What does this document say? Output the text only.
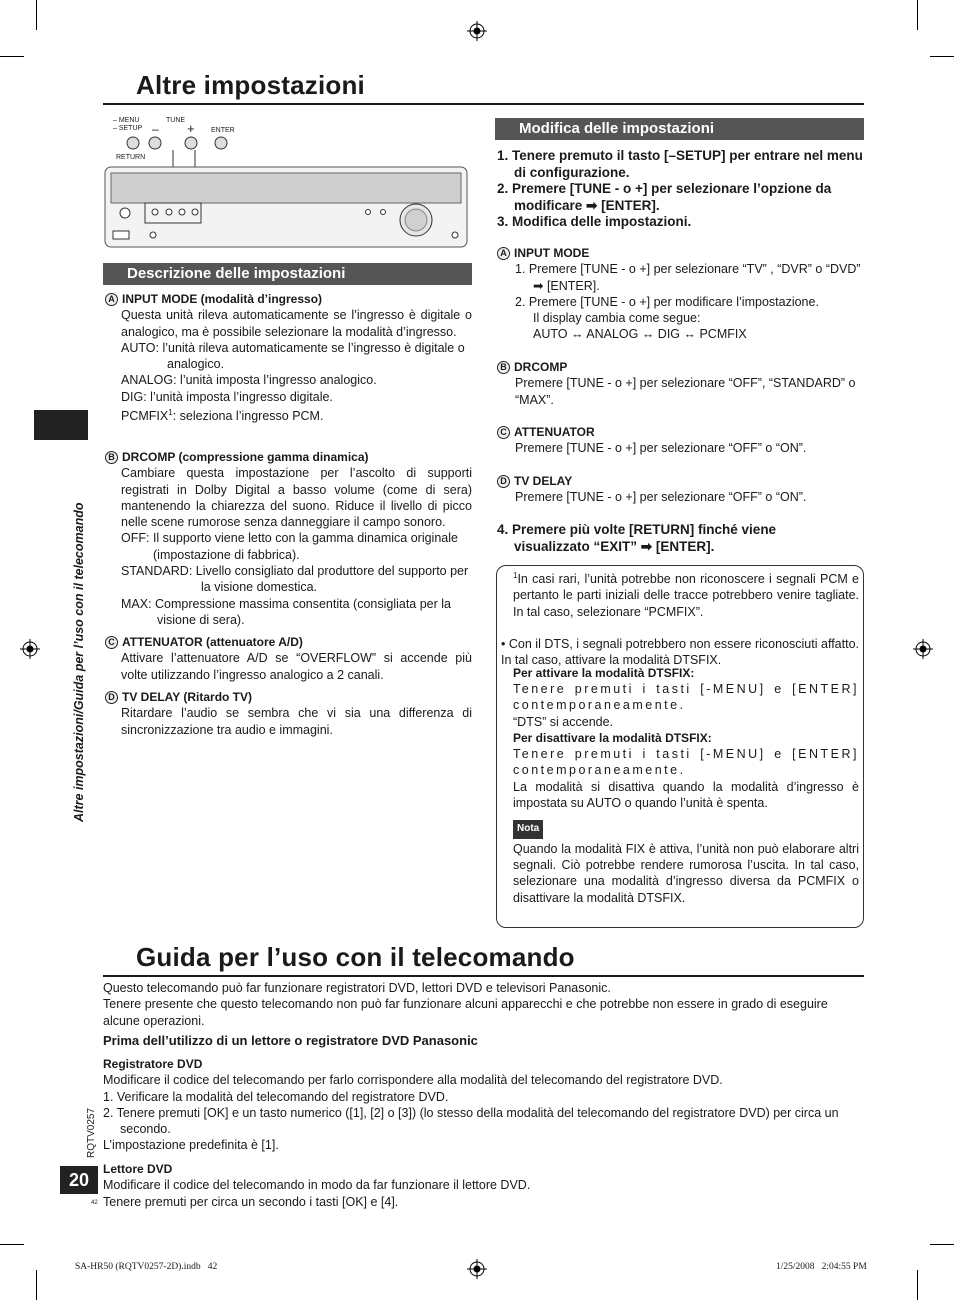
Altre impostazioni
Altre impostazioni/Guida per l’uso con il telecomando
– MENU
– SETUP
TUNE
– + ENTER
RETURN
Descrizione delle impostazioni
A INPUT MODE (modalità d’ingresso)
Questa unità rileva automaticamente se l’ingresso è digitale o analogico, ma è possibile selezionare la modalità d’ingresso.
AUTO: l’unità rileva automaticamente se l’ingresso è digitale o analogico.
ANALOG: l’unità imposta l’ingresso analogico.
DIG: l’unità imposta l’ingresso digitale.
PCMFIX$^1$: seleziona l’ingresso PCM.
B DRCOMP (compressione gamma dinamica)
Cambiare questa impostazione per l’ascolto di supporti registrati in Dolby Digital a basso volume (come di sera) mantenendo la chiarezza del suono. Riduce il livello di picco nelle scene rumorose senza danneggiare il campo sonoro.
OFF: Il supporto viene letto con la gamma dinamica originale (impostazione di fabbrica).
STANDARD: Livello consigliato dal produttore del supporto per la visione domestica.
MAX: Compressione massima consentita (consigliata per la visione di sera).
C ATTENUATOR (attenuatore A/D)
Attivare l’attenuatore A/D se “OVERFLOW” si accende più volte utilizzando l’ingresso analogico a 2 canali.
D TV DELAY (Ritardo TV)
Ritardare l’audio se sembra che vi sia una differenza di sincronizzazione tra audio e immagini.
Modifica delle impostazioni
1. Tenere premuto il tasto [–SETUP] per entrare nel menu di configurazione.
2. Premere [TUNE - o +] per selezionare l’opzione da modificare ➡ [ENTER].
3. Modifica delle impostazioni.
A INPUT MODE
1. Premere [TUNE - o +] per selezionare “TV” , “DVR” o “DVD” ➡ [ENTER].
2. Premere [TUNE - o +] per modificare l’impostazione.
Il display cambia come segue:
AUTO ↔ ANALOG ↔ DIG ↔ PCMFIX
B DRCOMP
Premere [TUNE - o +] per selezionare “OFF”, “STANDARD” o “MAX”.
C ATTENUATOR
Premere [TUNE - o +] per selezionare “OFF” o “ON”.
D TV DELAY
Premere [TUNE - o +] per selezionare “OFF” o “ON”.
4. Premere più volte [RETURN] finché viene visualizzato “EXIT” ➡ [ENTER].
$^1$In casi rari, l’unità potrebbe non riconoscere i segnali PCM e pertanto le parti iniziali delle tracce potrebbero venire tagliate. In tal caso, selezionare “PCMFIX”.
• Con il DTS, i segnali potrebbero non essere riconosciuti affatto. In tal caso, attivare la modalità DTSFIX.
Per attivare la modalità DTSFIX:
Tenere premuti i tasti [-MENU] e [ENTER] contemporaneamente.
“DTS” si accende.
Per disattivare la modalità DTSFIX:
Tenere premuti i tasti [-MENU] e [ENTER] contemporaneamente.
La modalità si disattiva quando la modalità d’ingresso è impostata su AUTO o quando l’unità è spenta.
Nota
Quando la modalità FIX è attiva, l’unità non può elaborare altri segnali. Ciò potrebbe rendere rumorosa l’uscita. In tal caso, selezionare una modalità d’ingresso diversa da PCMFIX o disattivare la modalità DTSFIX.
Guida per l’uso con il telecomando
Questo telecomando può far funzionare registratori DVD, lettori DVD e televisori Panasonic.
Tenere presente che questo telecomando non può far funzionare alcuni apparecchi e che potrebbe non essere in grado di eseguire alcune operazioni.
Prima dell’utilizzo di un lettore o registratore DVD Panasonic
Registratore DVD
Modificare il codice del telecomando per farlo corrispondere alla modalità del telecomando del registratore DVD.
1. Verificare la modalità del telecomando del registratore DVD.
2. Tenere premuti [OK] e un tasto numerico ([1], [2] o [3]) (lo stesso della modalità del telecomando del registratore DVD) per circa un secondo.
L’impostazione predefinita è [1].
Lettore DVD
Modificare il codice del telecomando in modo da far funzionare il lettore DVD.
Tenere premuti per circa un secondo i tasti [OK] e [4].
RQTV0257
20
42
SA-HR50 (RQTV0257-2D).indb   42	1/25/2008   2:04:55 PM
